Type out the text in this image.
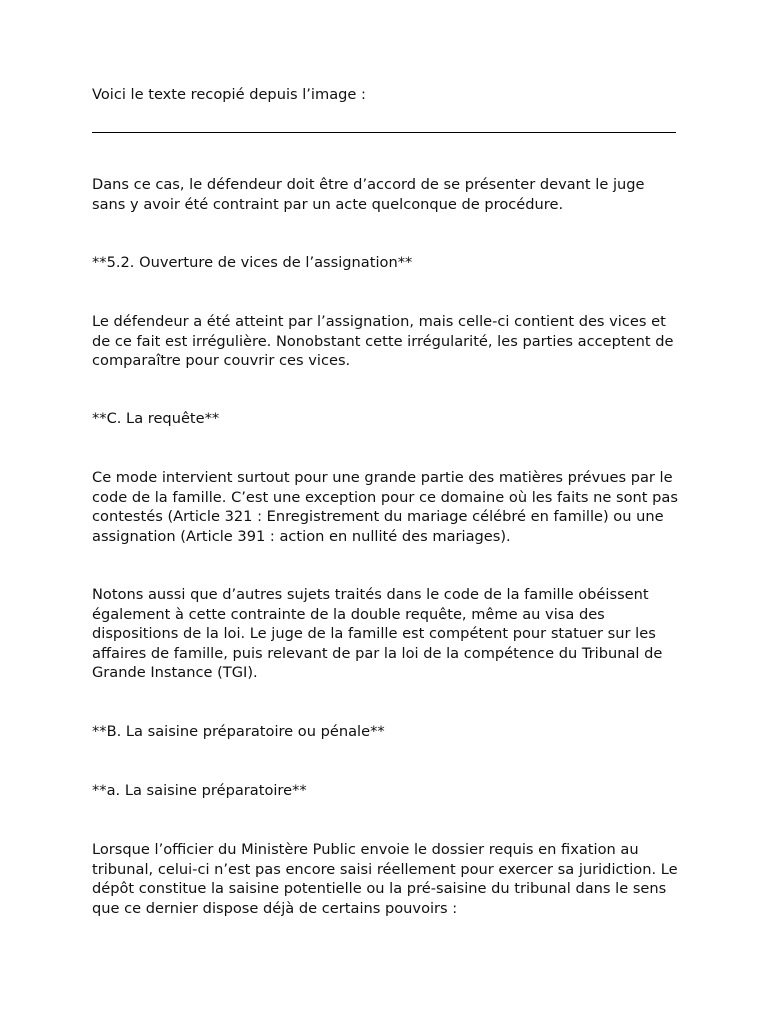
Voici le texte recopié depuis l’image :

Dans ce cas, le défendeur doit être d’accord de se présenter devant le juge sans y avoir été contraint par un acte quelconque de procédure.

**5.2. Ouverture de vices de l’assignation**

Le défendeur a été atteint par l’assignation, mais celle-ci contient des vices et de ce fait est irrégulière. Nonobstant cette irrégularité, les parties acceptent de comparaître pour couvrir ces vices.

**C. La requête**

Ce mode intervient surtout pour une grande partie des matières prévues par le code de la famille. C’est une exception pour ce domaine où les faits ne sont pas contestés (Article 321 : Enregistrement du mariage célébré en famille) ou une assignation (Article 391 : action en nullité des mariages).

Notons aussi que d’autres sujets traités dans le code de la famille obéissent également à cette contrainte de la double requête, même au visa des dispositions de la loi. Le juge de la famille est compétent pour statuer sur les affaires de famille, puis relevant de par la loi de la compétence du Tribunal de Grande Instance (TGI).

**B. La saisine préparatoire ou pénale**

**a. La saisine préparatoire**

Lorsque l’officier du Ministère Public envoie le dossier requis en fixation au tribunal, celui-ci n’est pas encore saisi réellement pour exercer sa juridiction. Le dépôt constitue la saisine potentielle ou la pré-saisine du tribunal dans le sens que ce dernier dispose déjà de certains pouvoirs :
